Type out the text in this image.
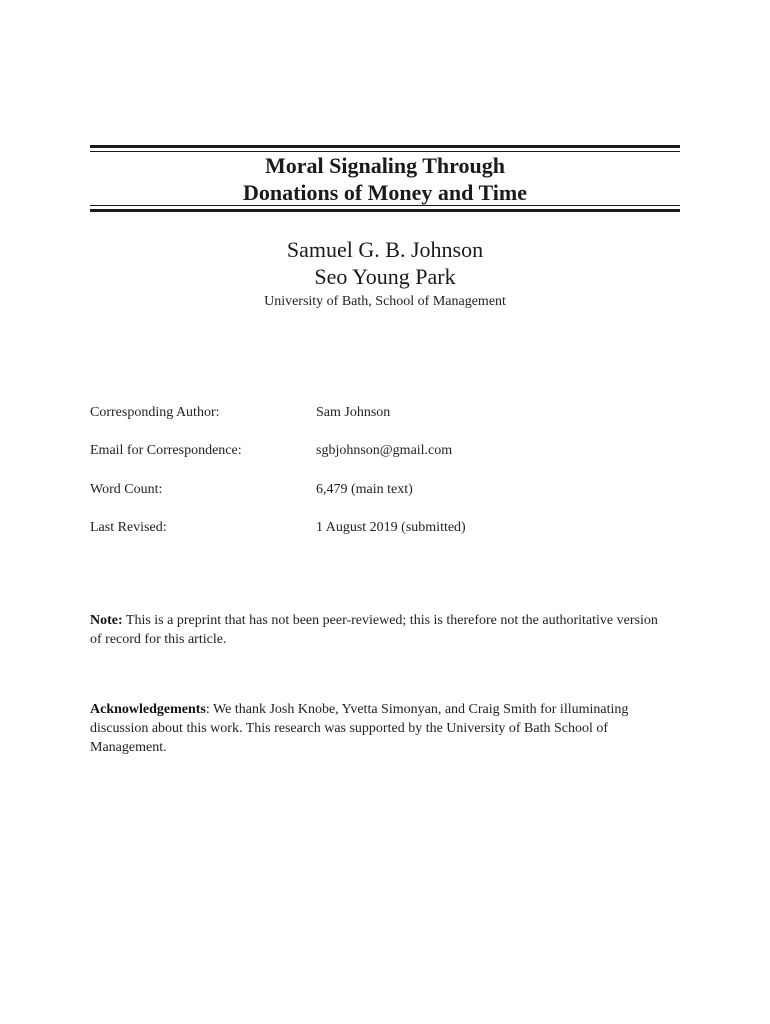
Moral Signaling Through
Donations of Money and Time
Samuel G. B. Johnson
Seo Young Park
University of Bath, School of Management
Corresponding Author:	Sam Johnson
Email for Correspondence:	sgbjohnson@gmail.com
Word Count:	6,479 (main text)
Last Revised:	1 August 2019 (submitted)
Note: This is a preprint that has not been peer-reviewed; this is therefore not the authoritative version of record for this article.
Acknowledgements: We thank Josh Knobe, Yvetta Simonyan, and Craig Smith for illuminating discussion about this work. This research was supported by the University of Bath School of Management.
